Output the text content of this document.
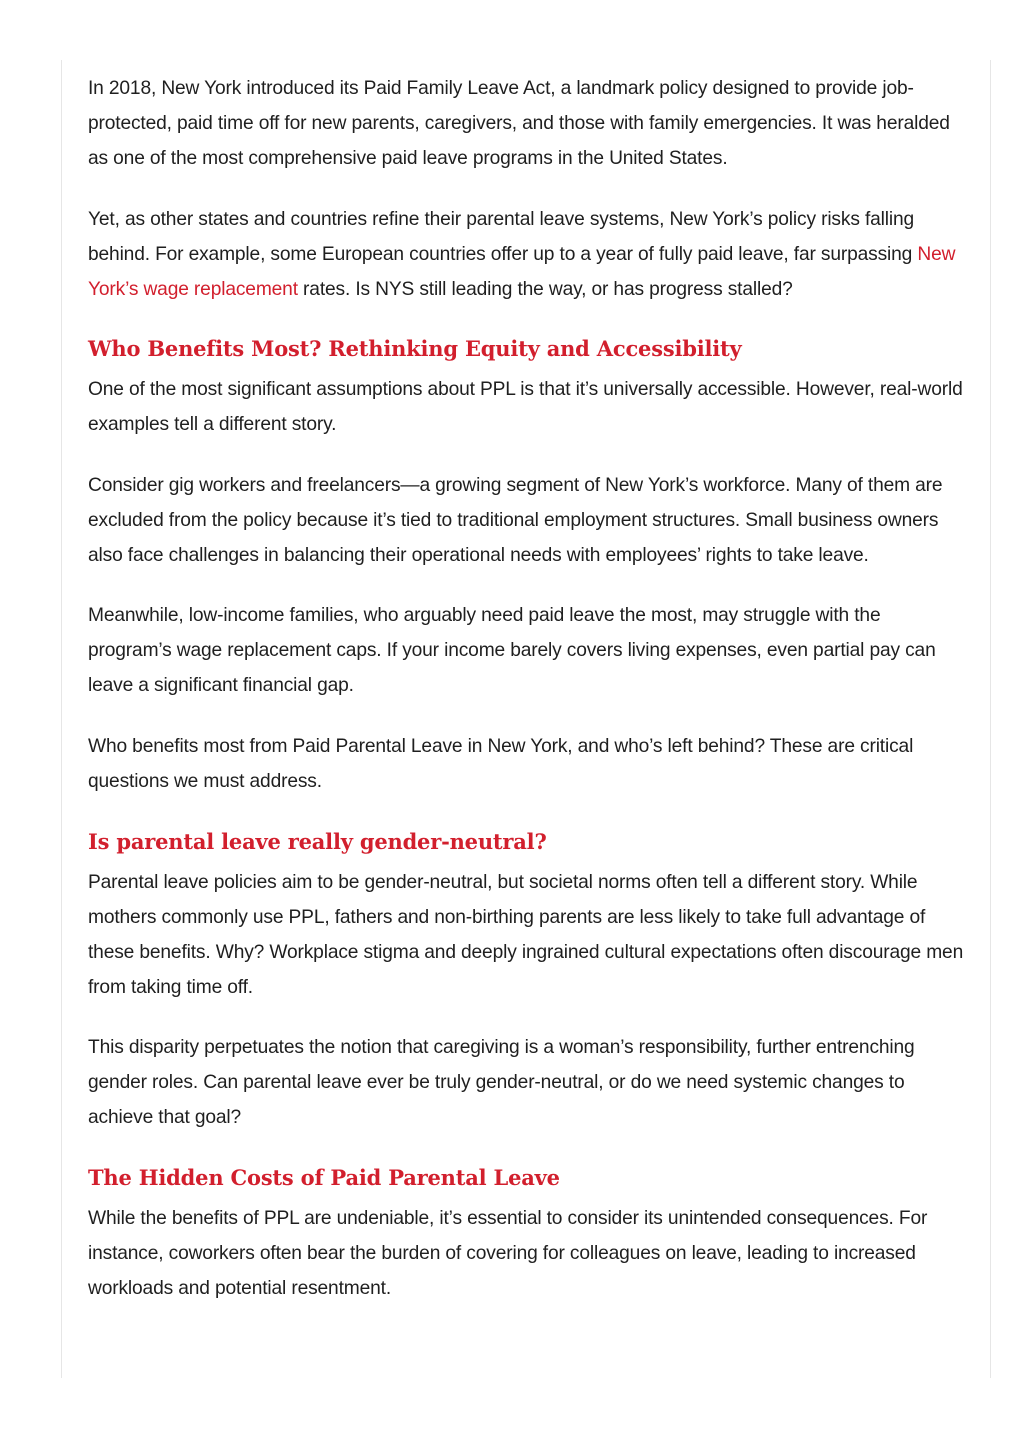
In 2018, New York introduced its Paid Family Leave Act, a landmark policy designed to provide job-protected, paid time off for new parents, caregivers, and those with family emergencies. It was heralded as one of the most comprehensive paid leave programs in the United States.

Yet, as other states and countries refine their parental leave systems, New York’s policy risks falling behind. For example, some European countries offer up to a year of fully paid leave, far surpassing New York’s wage replacement rates. Is NYS still leading the way, or has progress stalled?

Who Benefits Most? Rethinking Equity and Accessibility

One of the most significant assumptions about PPL is that it’s universally accessible. However, real-world examples tell a different story.

Consider gig workers and freelancers—a growing segment of New York’s workforce. Many of them are excluded from the policy because it’s tied to traditional employment structures. Small business owners also face challenges in balancing their operational needs with employees’ rights to take leave.

Meanwhile, low-income families, who arguably need paid leave the most, may struggle with the program’s wage replacement caps. If your income barely covers living expenses, even partial pay can leave a significant financial gap.

Who benefits most from Paid Parental Leave in New York, and who’s left behind? These are critical questions we must address.

Is parental leave really gender-neutral?

Parental leave policies aim to be gender-neutral, but societal norms often tell a different story. While mothers commonly use PPL, fathers and non-birthing parents are less likely to take full advantage of these benefits. Why? Workplace stigma and deeply ingrained cultural expectations often discourage men from taking time off.

This disparity perpetuates the notion that caregiving is a woman’s responsibility, further entrenching gender roles. Can parental leave ever be truly gender-neutral, or do we need systemic changes to achieve that goal?

The Hidden Costs of Paid Parental Leave

While the benefits of PPL are undeniable, it’s essential to consider its unintended consequences. For instance, coworkers often bear the burden of covering for colleagues on leave, leading to increased workloads and potential resentment.
